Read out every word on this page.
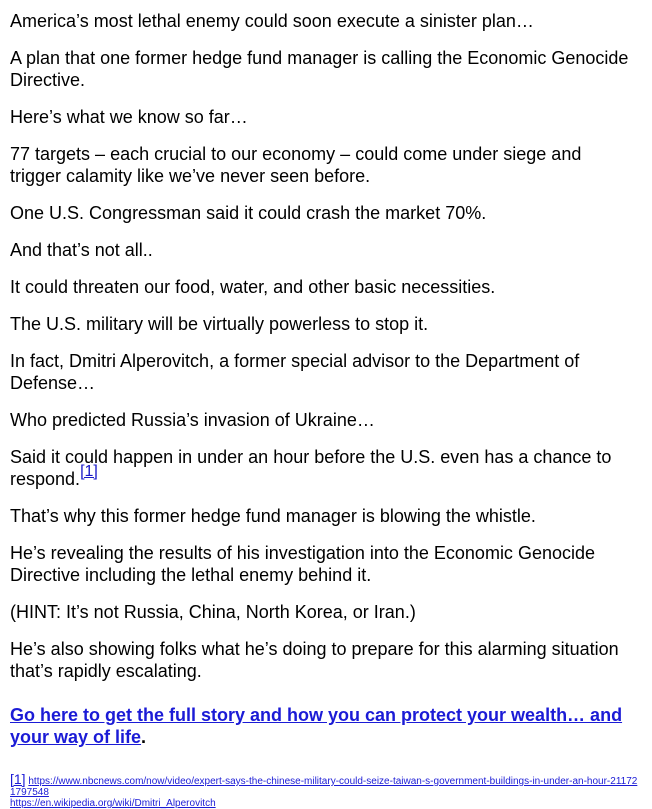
America’s most lethal enemy could soon execute a sinister plan…

A plan that one former hedge fund manager is calling the Economic Genocide Directive.

Here’s what we know so far…

77 targets – each crucial to our economy – could come under siege and trigger calamity like we’ve never seen before.

One U.S. Congressman said it could crash the market 70%.

And that’s not all..

It could threaten our food, water, and other basic necessities.

The U.S. military will be virtually powerless to stop it.

In fact, Dmitri Alperovitch, a former special advisor to the Department of Defense…

Who predicted Russia’s invasion of Ukraine…

Said it could happen in under an hour before the U.S. even has a chance to respond.[1]

That’s why this former hedge fund manager is blowing the whistle.

He’s revealing the results of his investigation into the Economic Genocide Directive including the lethal enemy behind it.

(HINT: It’s not Russia, China, North Korea, or Iran.)

He’s also showing folks what he’s doing to prepare for this alarming situation that’s rapidly escalating.

Go here to get the full story and how you can protect your wealth… and your way of life.

[1] https://www.nbcnews.com/now/video/expert-says-the-chinese-military-could-seize-taiwan-s-government-buildings-in-under-an-hour-211721797548
https://en.wikipedia.org/wiki/Dmitri_Alperovitch
